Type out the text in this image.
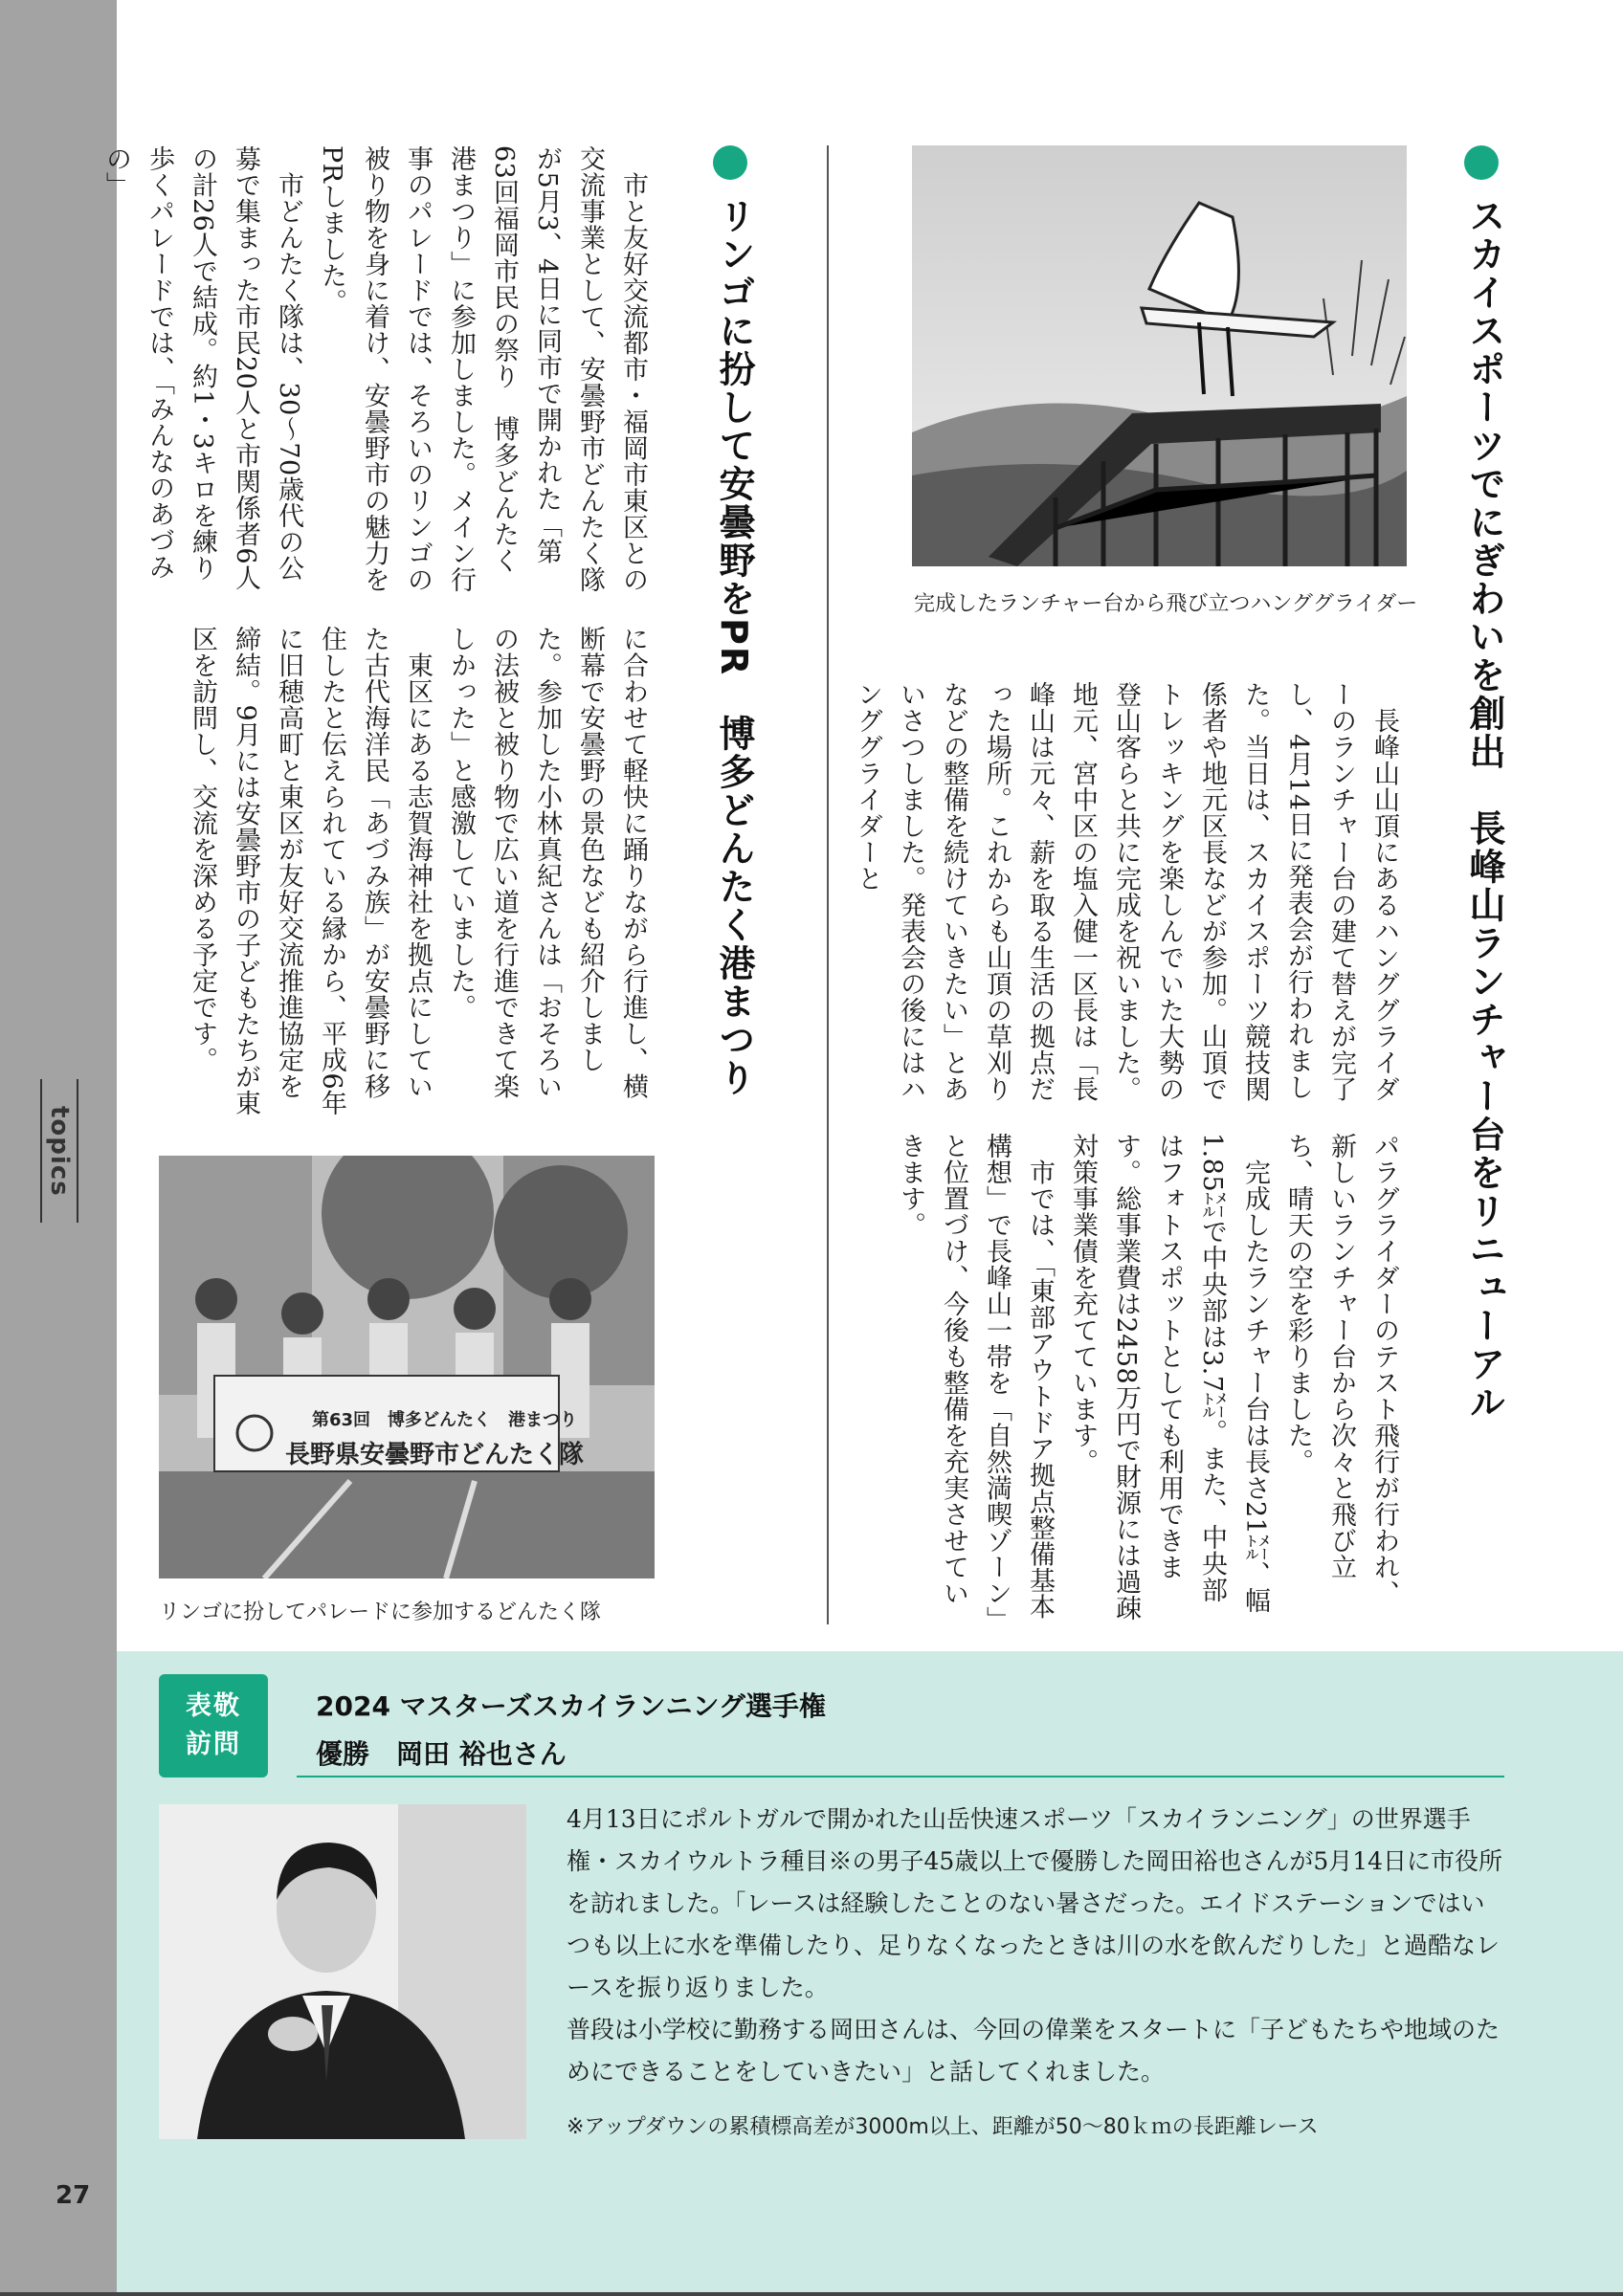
topics
27
スカイスポーツでにぎわいを創出　長峰山ランチャー台をリニューアル
完成したランチャー台から飛び立つハンググライダー
　長峰山山頂にあるハンググライダーのランチャー台の建て替えが完了し、4月14日に発表会が行われました。当日は、スカイスポーツ競技関係者や地元区長などが参加。山頂でトレッキングを楽しんでいた大勢の登山客らと共に完成を祝いました。地元、宮中区の塩入健一区長は「長峰山は元々、薪を取る生活の拠点だった場所。これからも山頂の草刈りなどの整備を続けていきたい」とあいさつしました。発表会の後にはハンググライダーと
パラグライダーのテスト飛行が行われ、新しいランチャー台から次々と飛び立ち、晴天の空を彩りました。
　完成したランチャー台は長さ21㍍、幅1.85㍍で中央部は3.7㍍。また、中央部はフォトスポットとしても利用できます。総事業費は2458万円で財源には過疎対策事業債を充てています。
　市では、「東部アウトドア拠点整備基本構想」で長峰山一帯を「自然満喫ゾーン」と位置づけ、今後も整備を充実させていきます。
リンゴに扮して安曇野をPR　博多どんたく港まつり
　市と友好交流都市・福岡市東区との交流事業として、安曇野市どんたく隊が5月3、4日に同市で開かれた「第63回福岡市民の祭り　博多どんたく港まつり」に参加しました。メイン行事のパレードでは、そろいのリンゴの被り物を身に着け、安曇野市の魅力をPRしました。
　市どんたく隊は、30～70歳代の公募で集まった市民20人と市関係者6人の計26人で結成。約1・3キロを練り歩くパレードでは、「みんなのあづみの」
に合わせて軽快に踊りながら行進し、横断幕で安曇野の景色なども紹介しました。参加した小林真紀さんは「おそろいの法被と被り物で広い道を行進できて楽しかった」と感激していました。
　東区にある志賀海神社を拠点にしていた古代海洋民「あづみ族」が安曇野に移住したと伝えられている縁から、平成6年に旧穂高町と東区が友好交流推進協定を締結。9月には安曇野市の子どもたちが東区を訪問し、交流を深める予定です。
第63回　博多どんたく　港まつり
長野県安曇野市どんたく隊
リンゴに扮してパレードに参加するどんたく隊
表敬
訪問
2024 マスターズスカイランニング選手権
優勝　岡田 裕也さん

4月13日にポルトガルで開かれた山岳快速スポーツ「スカイランニング」の世界選手権・スカイウルトラ種目※の男子45歳以上で優勝した岡田裕也さんが5月14日に市役所を訪れました。「レースは経験したことのない暑さだった。エイドステーションではいつも以上に水を準備したり、足りなくなったときは川の水を飲んだりした」と過酷なレースを振り返りました。

普段は小学校に勤務する岡田さんは、今回の偉業をスタートに「子どもたちや地域のためにできることをしていきたい」と話してくれました。

※アップダウンの累積標高差が3000m以上、距離が50～80ｋｍの長距離レース
